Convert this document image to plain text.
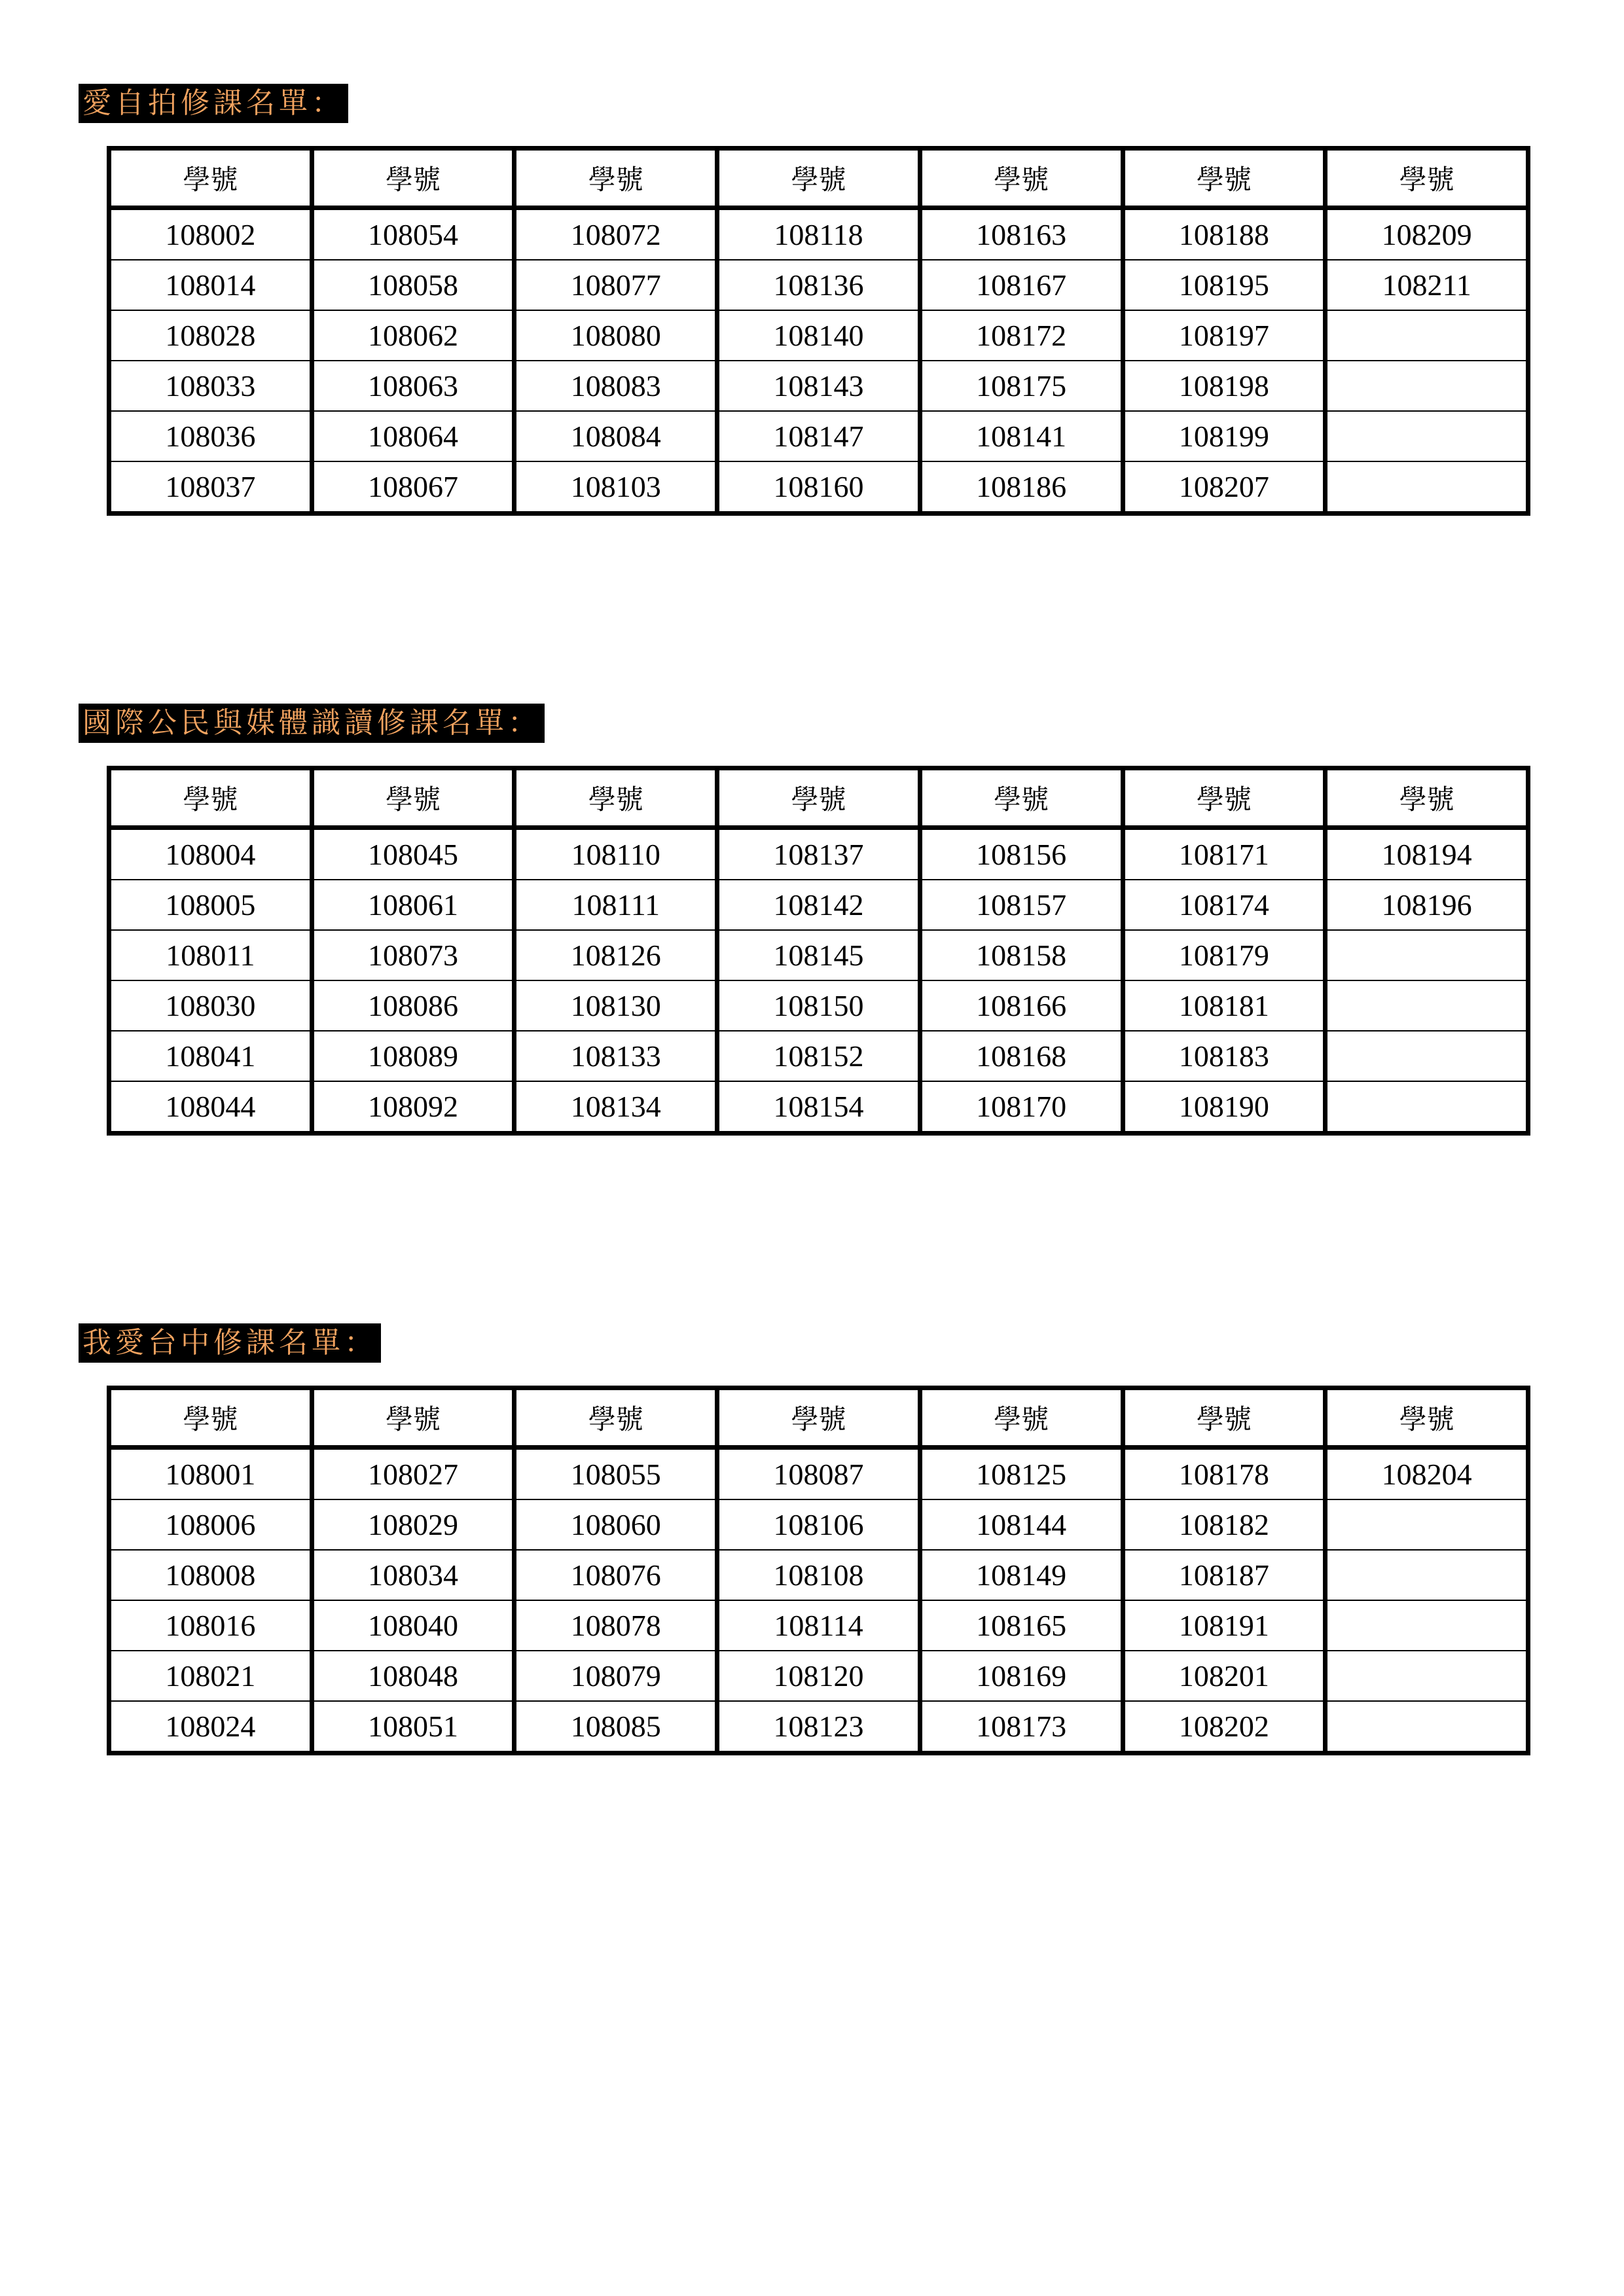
愛自拍修課名單：
學號	學號	學號	學號	學號	學號	學號
108002	108054	108072	108118	108163	108188	108209
108014	108058	108077	108136	108167	108195	108211
108028	108062	108080	108140	108172	108197	
108033	108063	108083	108143	108175	108198	
108036	108064	108084	108147	108141	108199	
108037	108067	108103	108160	108186	108207	
國際公民與媒體識讀修課名單：
學號	學號	學號	學號	學號	學號	學號
108004	108045	108110	108137	108156	108171	108194
108005	108061	108111	108142	108157	108174	108196
108011	108073	108126	108145	108158	108179	
108030	108086	108130	108150	108166	108181	
108041	108089	108133	108152	108168	108183	
108044	108092	108134	108154	108170	108190	
我愛台中修課名單：
學號	學號	學號	學號	學號	學號	學號
108001	108027	108055	108087	108125	108178	108204
108006	108029	108060	108106	108144	108182	
108008	108034	108076	108108	108149	108187	
108016	108040	108078	108114	108165	108191	
108021	108048	108079	108120	108169	108201	
108024	108051	108085	108123	108173	108202	
